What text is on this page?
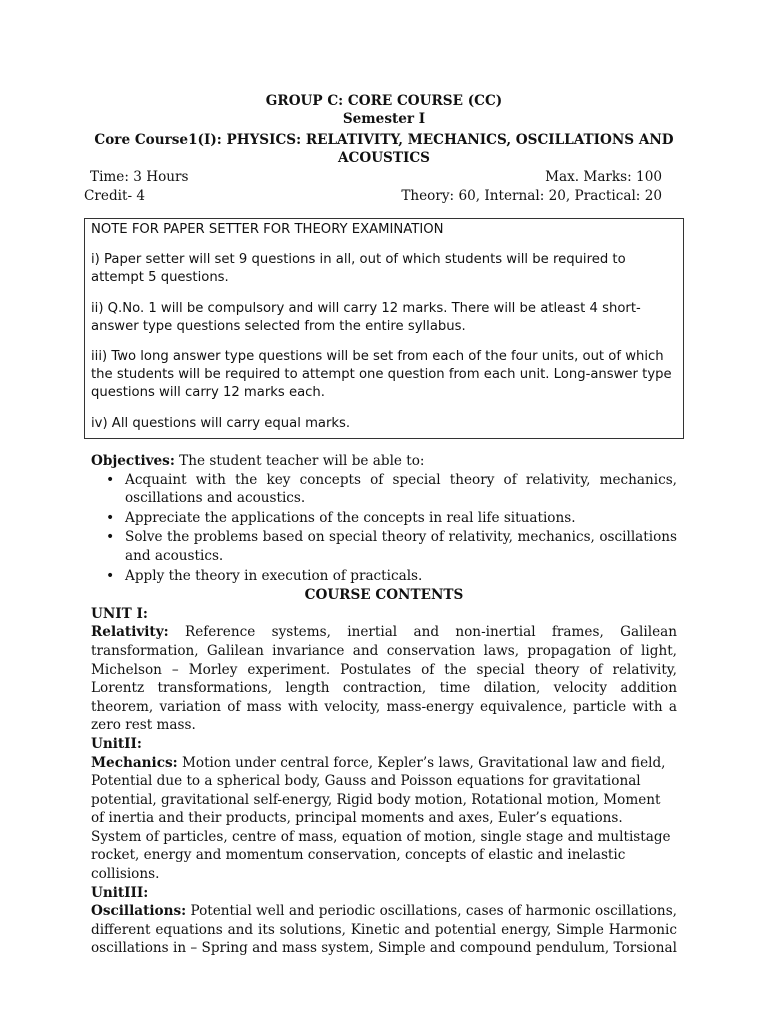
GROUP C: CORE COURSE (CC)
Semester I
Core Course1(I): PHYSICS: RELATIVITY, MECHANICS, OSCILLATIONS AND ACOUSTICS
Time: 3 Hours	Max. Marks: 100
Credit- 4	Theory: 60, Internal: 20, Practical: 20

NOTE FOR PAPER SETTER FOR THEORY EXAMINATION

i) Paper setter will set 9 questions in all, out of which students will be required to attempt 5 questions.

ii) Q.No. 1 will be compulsory and will carry 12 marks. There will be atleast 4 short-answer type questions selected from the entire syllabus.

iii) Two long answer type questions will be set from each of the four units, out of which the students will be required to attempt one question from each unit. Long-answer type questions will carry 12 marks each.

iv) All questions will carry equal marks.

Objectives: The student teacher will be able to:

• Acquaint with the key concepts of special theory of relativity, mechanics, oscillations and acoustics.
• Appreciate the applications of the concepts in real life situations.
• Solve the problems based on special theory of relativity, mechanics, oscillations and acoustics.
• Apply the theory in execution of practicals.
COURSE CONTENTS

UNIT I:

Relativity: Reference systems, inertial and non-inertial frames, Galilean transformation, Galilean invariance and conservation laws, propagation of light, Michelson – Morley experiment. Postulates of the special theory of relativity, Lorentz transformations, length contraction, time dilation, velocity addition theorem, variation of mass with velocity, mass-energy equivalence, particle with a zero rest mass.

UnitII:

Mechanics: Motion under central force, Kepler’s laws, Gravitational law and field, Potential due to a spherical body, Gauss and Poisson equations for gravitational potential, gravitational self-energy, Rigid body motion, Rotational motion, Moment of inertia and their products, principal moments and axes, Euler’s equations. System of particles, centre of mass, equation of motion, single stage and multistage rocket, energy and momentum conservation, concepts of elastic and inelastic collisions.

UnitIII:

Oscillations: Potential well and periodic oscillations, cases of harmonic oscillations, different equations and its solutions, Kinetic and potential energy, Simple Harmonic oscillations in – Spring and mass system, Simple and compound pendulum, Torsional
